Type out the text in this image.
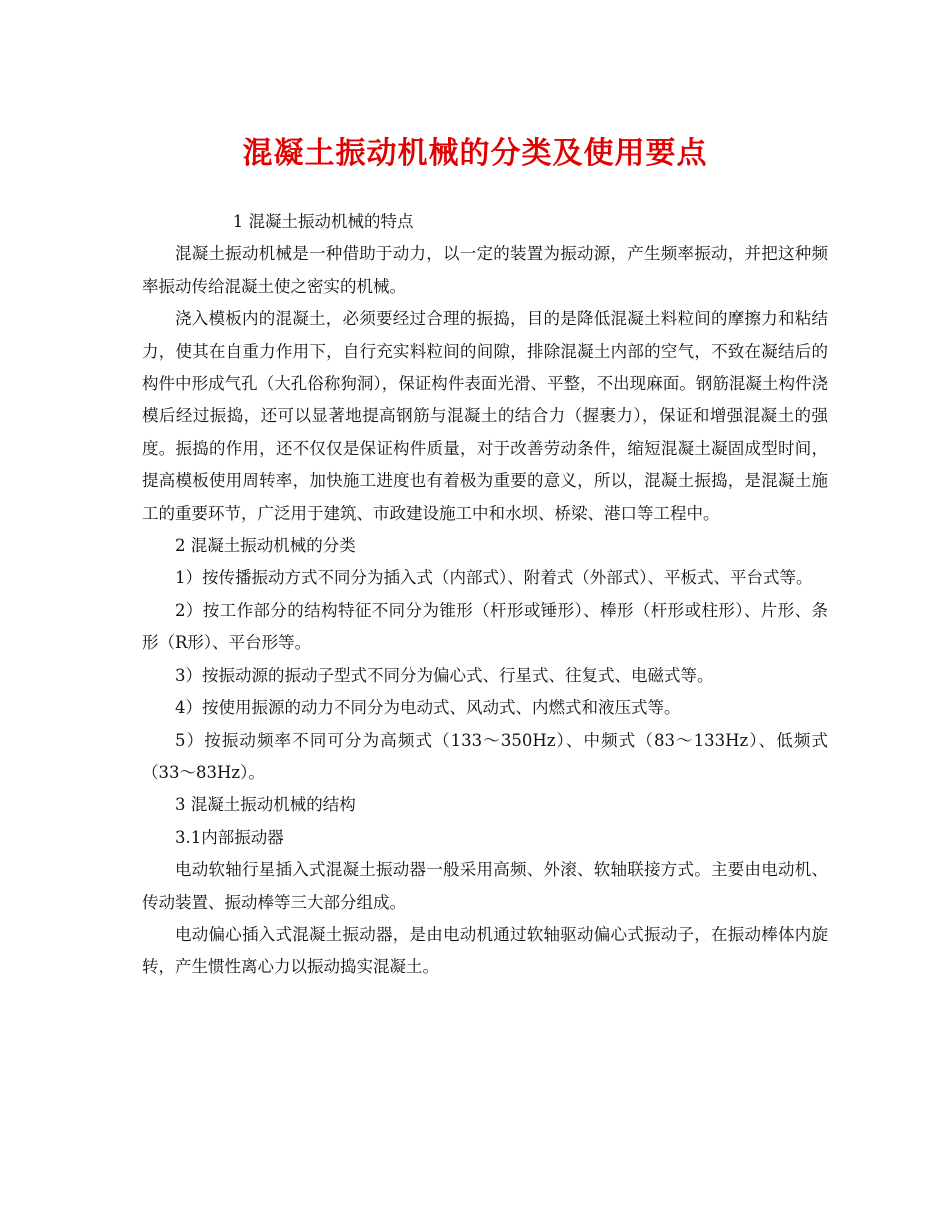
混凝土振动机械的分类及使用要点

1 混凝土振动机械的特点

混凝土振动机械是一种借助于动力，以一定的装置为振动源，产生频率振动，并把这种频率振动传给混凝土使之密实的机械。

浇入模板内的混凝土，必须要经过合理的振捣，目的是降低混凝土料粒间的摩擦力和粘结力，使其在自重力作用下，自行充实料粒间的间隙，排除混凝土内部的空气，不致在凝结后的构件中形成气孔（大孔俗称狗洞），保证构件表面光滑、平整，不出现麻面。钢筋混凝土构件浇模后经过振捣，还可以显著地提高钢筋与混凝土的结合力（握裹力），保证和增强混凝土的强度。振捣的作用，还不仅仅是保证构件质量，对于改善劳动条件，缩短混凝土凝固成型时间，提高模板使用周转率，加快施工进度也有着极为重要的意义，所以，混凝土振捣，是混凝土施工的重要环节，广泛用于建筑、市政建设施工中和水坝、桥梁、港口等工程中。

2 混凝土振动机械的分类

1）按传播振动方式不同分为插入式（内部式）、附着式（外部式）、平板式、平台式等。

2）按工作部分的结构特征不同分为锥形（杆形或锤形）、棒形（杆形或柱形）、片形、条形（R形）、平台形等。

3）按振动源的振动子型式不同分为偏心式、行星式、往复式、电磁式等。

4）按使用振源的动力不同分为电动式、风动式、内燃式和液压式等。

5）按振动频率不同可分为高频式（133～350Hz）、中频式（83～133Hz）、低频式（33～83Hz）。

3 混凝土振动机械的结构

3.1内部振动器

电动软轴行星插入式混凝土振动器一般采用高频、外滚、软轴联接方式。主要由电动机、传动装置、振动棒等三大部分组成。

电动偏心插入式混凝土振动器，是由电动机通过软轴驱动偏心式振动子，在振动棒体内旋转，产生惯性离心力以振动捣实混凝土。
